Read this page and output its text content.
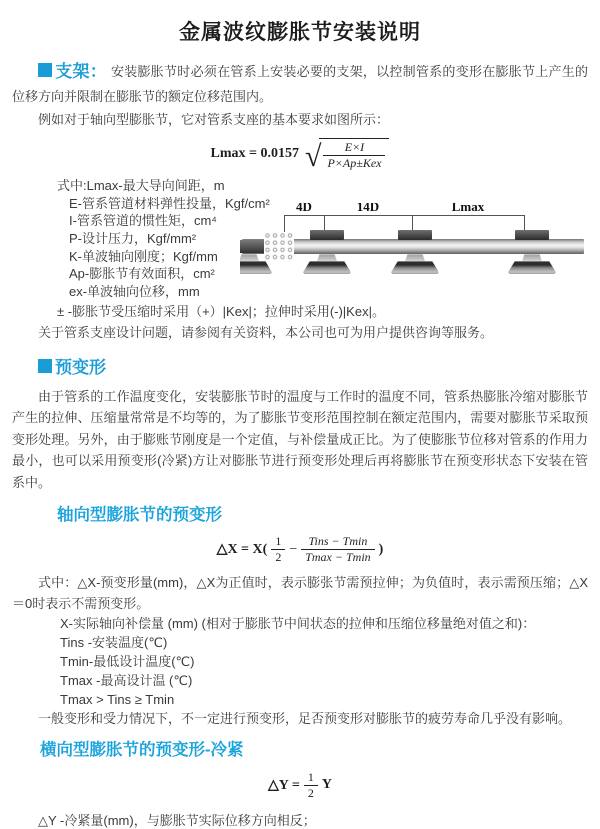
金属波纹膨胀节安装说明

支架： 安装膨胀节时必须在管系上安装必要的支架，以控制管系的变形在膨胀节上产生的位移方向并限制在膨胀节的额定位移范围内。

例如对于轴向型膨胀节，它对管系支座的基本要求如图所示：

Lmax = 0.0157 √ $\frac{E\times I}{\text{P×Ap±Kex}}$
式中:Lmax-最大导向间距，m
E-管系管道材料弹性投量，Kgf/cm²
I-管系管道的惯性矩，cm⁴
P-设计压力，Kgf/mm²
K-单波轴向刚度；Kgf/mm
Ap-膨胀节有效面积，cm²
ex-单波轴向位移，mm
± -膨胀节受压缩时采用（+）|Kex|；拉伸时采用(-)|Kex|。
关于管系支座设计问题，请参阅有关资料，本公司也可为用户提供咨询等服务。
4D	14D	Lmax

预变形

由于管系的工作温度变化，安装膨胀节时的温度与工作时的温度不同，管系热膨胀冷缩对膨胀节产生的拉伸、压缩量常常是不均等的，为了膨胀节变形范围控制在额定范围内，需要对膨胀节采取预变形处理。另外，由于膨账节刚度是一个定值，与补偿量成正比。为了使膨胀节位移对管系的作用力最小，也可以采用预变形(冷紧)方让对膨胀节进行预变形处理后再将膨胀节在预变形状态下安装在管系中。

轴向型膨胀节的预变形
△X = $X( \frac{1}{2} - \frac{\text{Tins − Tmin}}{Tmax - Tmin}$ )

式中：△X-预变形量(mm)，△X为正值时，表示膨张节需预拉伸；为负值时，表示需预压缩；△X＝0时表示不需预变形。

X-实际轴向补偿量 (mm) (相对于膨胀节中间状态的拉伸和压缩位移量绝对值之和)：

Tins -安装温度(℃)

Tmin-最低设计温度(℃)

Tmax -最高设计温 (℃)

Tmax > Tins ≥ Tmin

一般变形和受力情况下，不一定进行预变形，足否预变形对膨胀节的疲劳寿命几乎没有影响。

横向型膨胀节的预变形-冷紧
△Y = $\frac{1}{2}$ Y

△Y -冷紧量(mm)，与膨胀节实际位移方向相反；
